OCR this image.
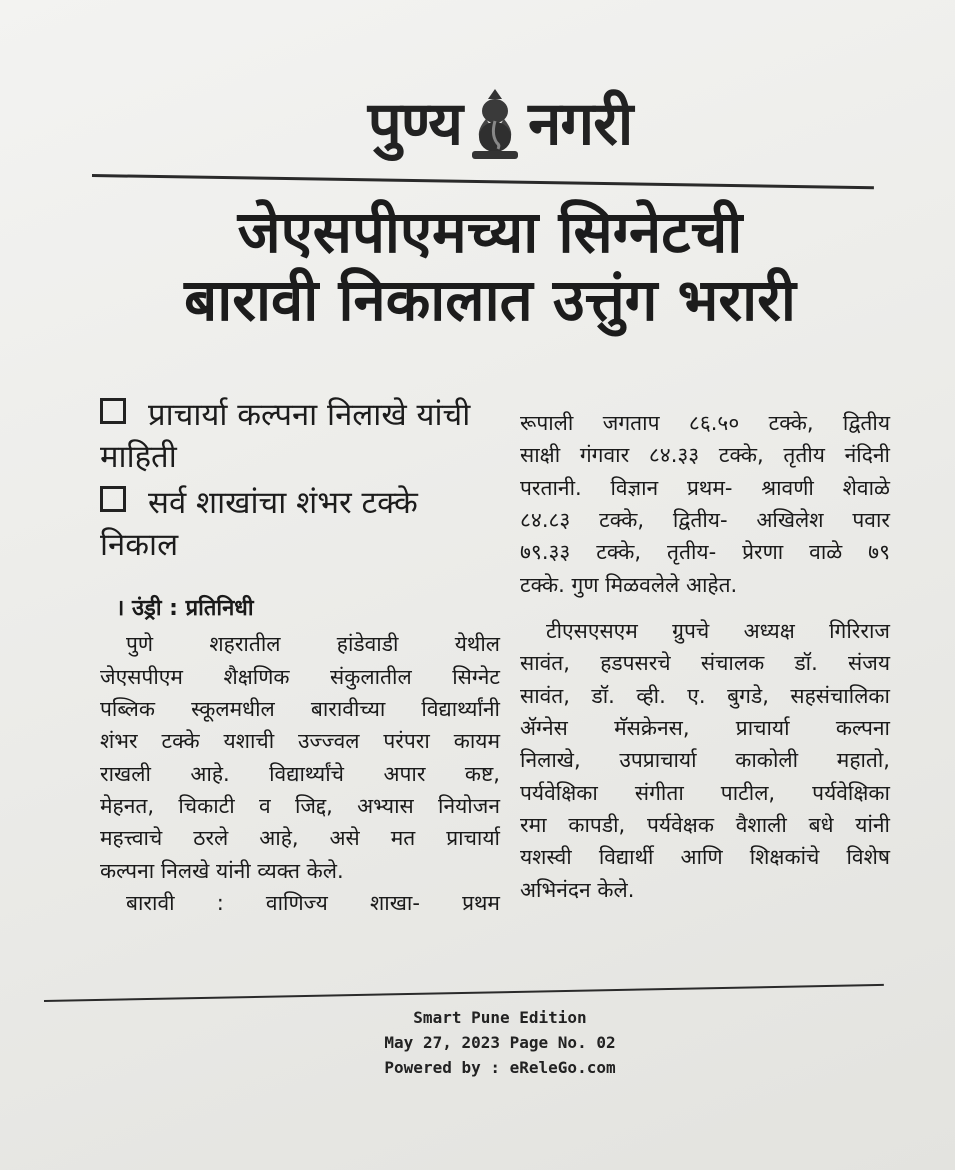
पुण्य नगरी
जेएसपीएमच्या सिग्नेटची
बारावी निकालात उत्तुंग भरारी
प्राचार्या कल्पना निलाखे यांची माहिती
सर्व शाखांचा शंभर टक्के निकाल
। उंड्री : प्रतिनिधी

पुणे शहरातील हांडेवाडी येथील

जेएसपीएम शैक्षणिक संकुलातील सिग्नेट

पब्लिक स्कूलमधील बारावीच्या विद्यार्थ्यांनी

शंभर टक्के यशाची उज्ज्वल परंपरा कायम

राखली आहे. विद्यार्थ्यांचे अपार कष्ट,

मेहनत, चिकाटी व जिद्द, अभ्यास नियोजन

महत्त्वाचे ठरले आहे, असे मत प्राचार्या

कल्पना निलखे यांनी व्यक्त केले.

बारावी : वाणिज्य शाखा- प्रथम

रूपाली जगताप ८६.५० टक्के, द्वितीय

साक्षी गंगवार ८४.३३ टक्के, तृतीय नंदिनी

परतानी. विज्ञान प्रथम- श्रावणी शेवाळे

८४.८३ टक्के, द्वितीय- अखिलेश पवार

७९.३३ टक्के, तृतीय- प्रेरणा वाळे ७९

टक्के. गुण मिळवलेले आहेत.

टीएसएसएम ग्रुपचे अध्यक्ष गिरिराज

सावंत, हडपसरचे संचालक डॉ. संजय

सावंत, डॉ. व्ही. ए. बुगडे, सहसंचालिका

ॲग्नेस मॅसक्रेनस, प्राचार्या कल्पना

निलाखे, उपप्राचार्या काकोली महातो,

पर्यवेक्षिका संगीता पाटील, पर्यवेक्षिका

रमा कापडी, पर्यवेक्षक वैशाली बधे यांनी

यशस्वी विद्यार्थी आणि शिक्षकांचे विशेष

अभिनंदन केले.

Smart Pune Edition
May 27, 2023 Page No. 02
Powered by : eReleGo.com
